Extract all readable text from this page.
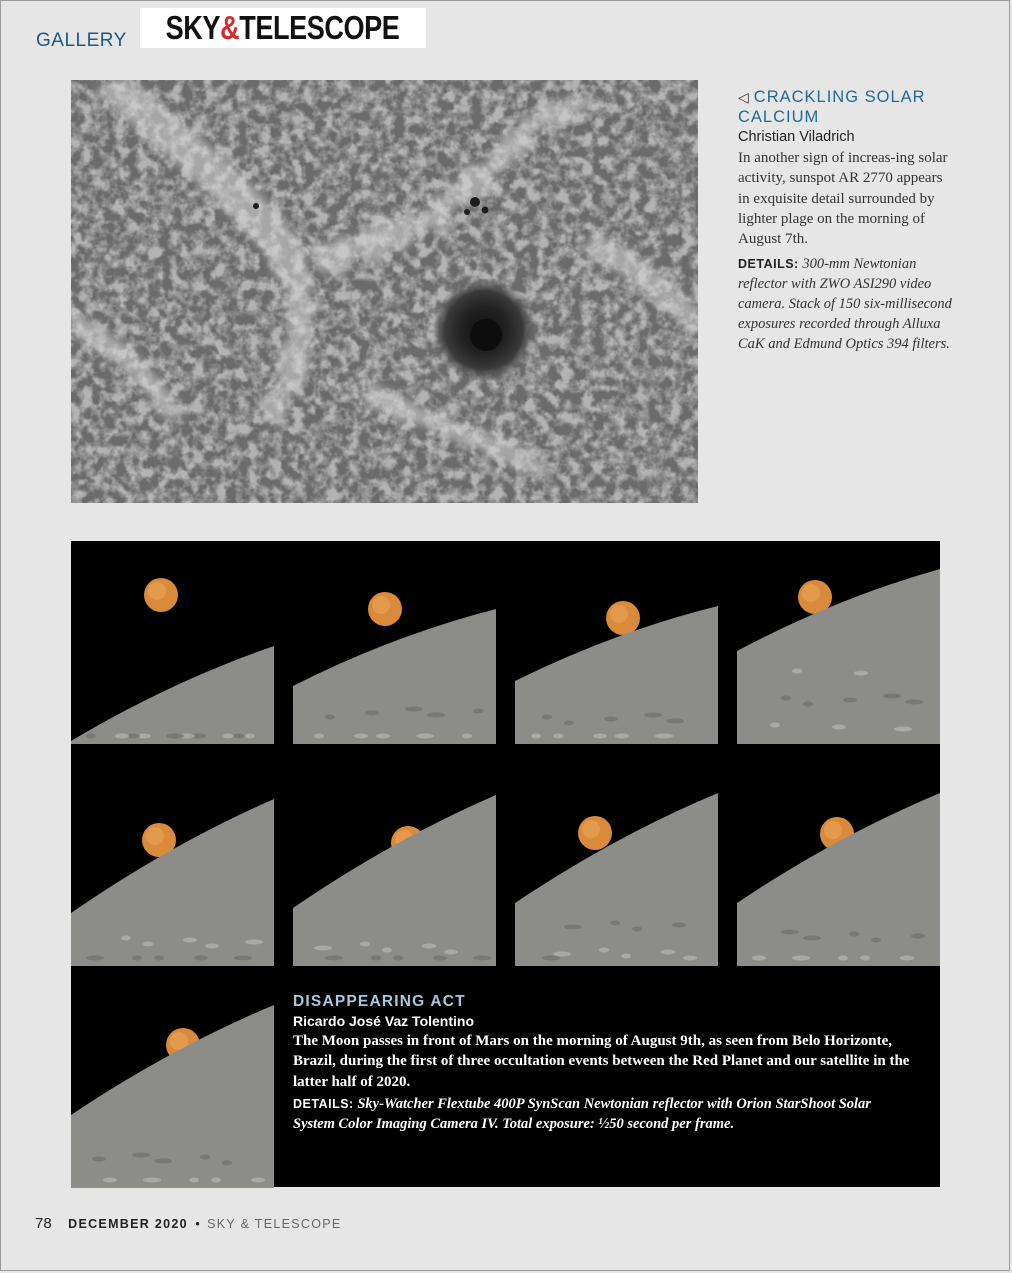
GALLERY SKY&TELESCOPE

◁ CRACKLING SOLAR CALCIUM

Christian Viladrich
In another sign of increas-ing solar activity, sunspot AR 2770 appears in exquisite detail surrounded by lighter plage on the morning of August 7th.
DETAILS: 300-mm Newtonian reflector with ZWO ASI290 video camera. Stack of 150 six-millisecond exposures recorded through Alluxa CaK and Edmund Optics 394 filters.

DISAPPEARING ACT

Ricardo José Vaz Tolentino
The Moon passes in front of Mars on the morning of August 9th, as seen from Belo Horizonte, Brazil, during the first of three occultation events between the Red Planet and our satellite in the latter half of 2020.
DETAILS: Sky-Watcher Flextube 400P SynScan Newtonian reflector with Orion StarShoot Solar System Color Imaging Camera IV. Total exposure: ½50 second per frame.
78 DECEMBER 2020 • SKY & TELESCOPE
